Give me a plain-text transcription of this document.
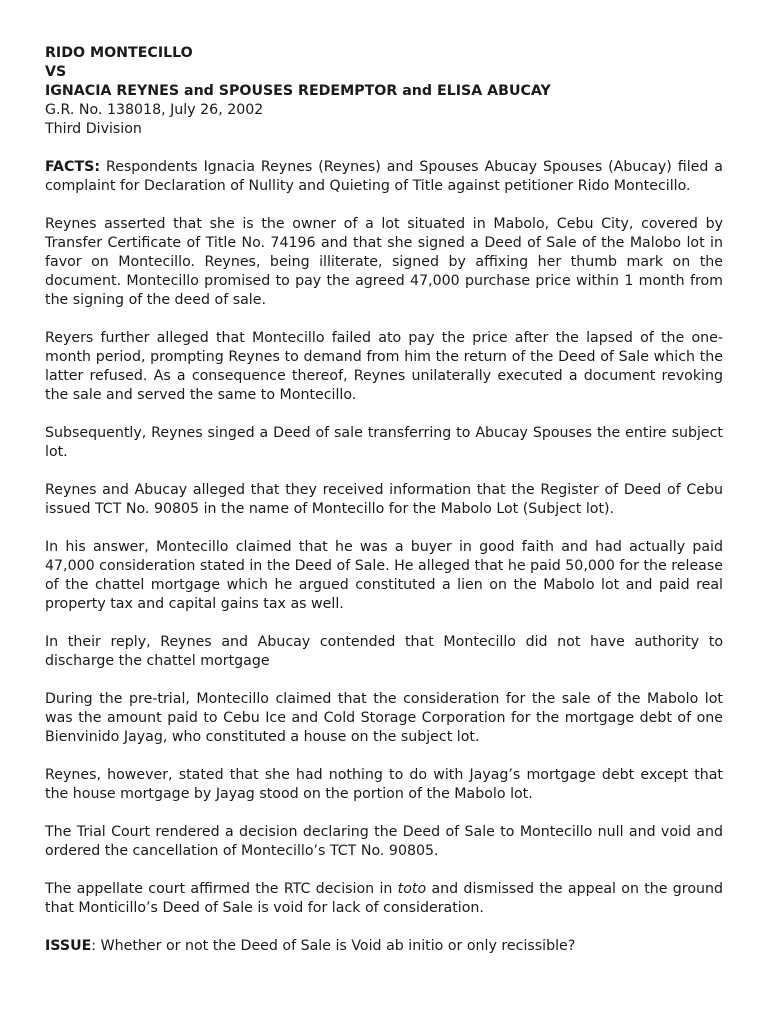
RIDO MONTECILLO
VS
IGNACIA REYNES and SPOUSES REDEMPTOR and ELISA ABUCAY
G.R. No. 138018, July 26, 2002
Third Division

FACTS: Respondents Ignacia Reynes (Reynes) and Spouses Abucay Spouses (Abucay) filed a complaint for Declaration of Nullity and Quieting of Title against petitioner Rido Montecillo.

Reynes asserted that she is the owner of a lot situated in Mabolo, Cebu City, covered by Transfer Certificate of Title No. 74196 and that she signed a Deed of Sale of the Malobo lot in favor on Montecillo. Reynes, being illiterate, signed by affixing her thumb mark on the document. Montecillo promised to pay the agreed 47,000 purchase price within 1 month from the signing of the deed of sale.

Reyers further alleged that Montecillo failed ato pay the price after the lapsed of the one-month period, prompting Reynes to demand from him the return of the Deed of Sale which the latter refused. As a consequence thereof, Reynes unilaterally executed a document revoking the sale and served the same to Montecillo.

Subsequently, Reynes singed a Deed of sale transferring to Abucay Spouses the entire subject lot.

Reynes and Abucay alleged that they received information that the Register of Deed of Cebu issued TCT No. 90805 in the name of Montecillo for the Mabolo Lot (Subject lot).

In his answer, Montecillo claimed that he was a buyer in good faith and had actually paid 47,000 consideration stated in the Deed of Sale. He alleged that he paid 50,000 for the release of the chattel mortgage which he argued constituted a lien on the Mabolo lot and paid real property tax and capital gains tax as well.

In their reply, Reynes and Abucay contended that Montecillo did not have authority to discharge the chattel mortgage

During the pre-trial, Montecillo claimed that the consideration for the sale of the Mabolo lot was the amount paid to Cebu Ice and Cold Storage Corporation for the mortgage debt of one Bienvinido Jayag, who constituted a house on the subject lot.

Reynes, however, stated that she had nothing to do with Jayag’s mortgage debt except that the house mortgage by Jayag stood on the portion of the Mabolo lot.

The Trial Court rendered a decision declaring the Deed of Sale to Montecillo null and void and ordered the cancellation of Montecillo’s TCT No. 90805.

The appellate court affirmed the RTC decision in toto and dismissed the appeal on the ground that Monticillo’s Deed of Sale is void for lack of consideration.

ISSUE: Whether or not the Deed of Sale is Void ab initio or only recissible?
